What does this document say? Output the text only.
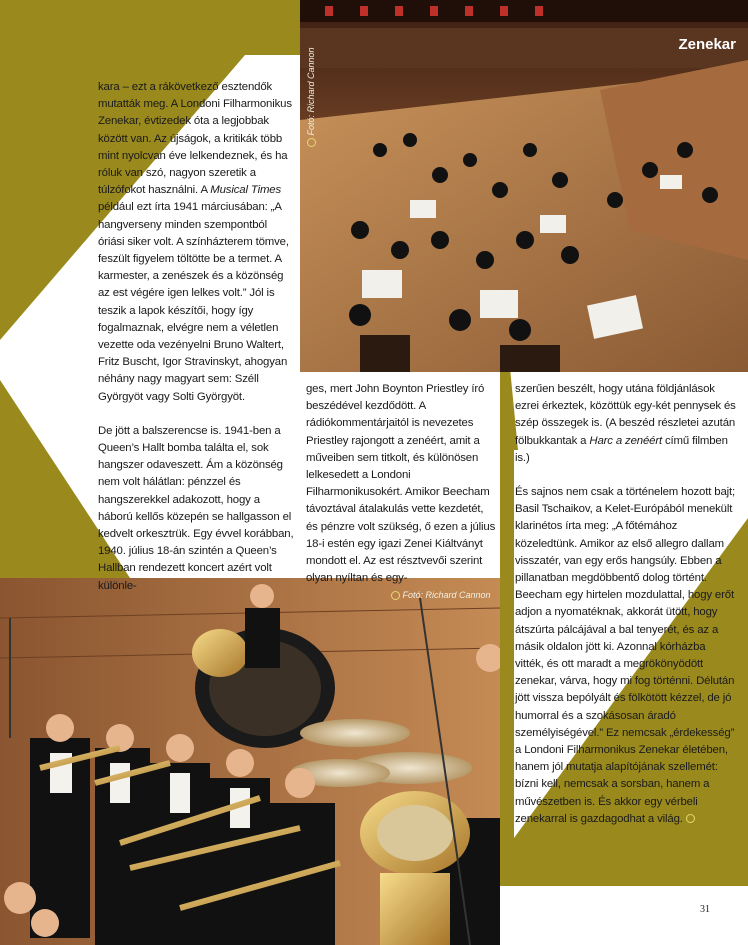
Zenekar
Fotó: Richard Cannon
Fotó: Richard Cannon

kara – ezt a rákövetkező esztendők mutatták meg. A Londoni Filharmonikus Zenekar, évtizedek óta a legjobbak között van. Az újságok, a kritikák több mint nyolcvan éve lelkendeznek, és ha róluk van szó, nagyon szeretik a túlzófokot használni. A Musical Times például ezt írta 1941 márciusában: „A hangverseny minden szempontból óriási siker volt. A színházterem tömve, feszült figyelem töltötte be a termet. A karmester, a zenészek és a közönség az est végére igen lelkes volt.” Jól is teszik a lapok készítői, hogy így fogalmaznak, elvégre nem a véletlen vezette oda vezényelni Bruno Waltert, Fritz Buscht, Igor Stravinskyt, ahogyan néhány nagy magyart sem: Széll Györgyöt vagy Solti Györgyöt.

De jött a balszerencse is. 1941-ben a Queen’s Hallt bomba találta el, sok hangszer odaveszett. Ám a közönség nem volt hálátlan: pénzzel és hangszerekkel adakozott, hogy a háború kellős közepén se hallgasson el kedvelt orkesztrük. Egy évvel korábban, 1940. július 18-án szintén a Queen’s Hallban rendezett koncert azért volt különle-

ges, mert John Boynton Priestley író beszédével kezdődött. A rádiókommentárjaitól is nevezetes Priestley rajongott a zenéért, amit a műveiben sem titkolt, és különösen lelkesedett a Londoni Filharmonikusokért. Amikor Beecham távoztával átalakulás vette kezdetét, és pénzre volt szükség, ő ezen a július 18-i estén egy igazi Zenei Kiáltványt mondott el. Az est résztvevői szerint olyan nyíltan és egy-

szerűen beszélt, hogy utána földjánlások ezrei érkeztek, közöttük egy-két pennysek és szép összegek is. (A beszéd részletei azután fölbukkantak a Harc a zenéért című filmben is.)

És sajnos nem csak a történelem hozott bajt; Basil Tschaikov, a Kelet-Európából menekült klarinétos írta meg: „A főtémához közeledtünk. Amikor az első allegro dallam visszatér, van egy erős hangsúly. Ebben a pillanatban megdöbbentő dolog történt. Beecham egy hirtelen mozdulattal, hogy erőt adjon a nyomatéknak, akkorát ütött, hogy átszúrta pálcájával a bal tenyerét, és az a másik oldalon jött ki. Azonnal kórházba vitték, és ott maradt a megrökönyödött zenekar, várva, hogy mi fog történni. Délután jött vissza bepólyált és fölkötött kézzel, de jó humorral és a szokásosan áradó személyiségével.” Ez nemcsak „érdekesség” a Londoni Filharmonikus Zenekar életében, hanem jól mutatja alapítójának szellemét: bízni kell, nemcsak a sorsban, hanem a művészetben is. És akkor egy vérbeli zenekarral is gazdagodhat a világ.

31
